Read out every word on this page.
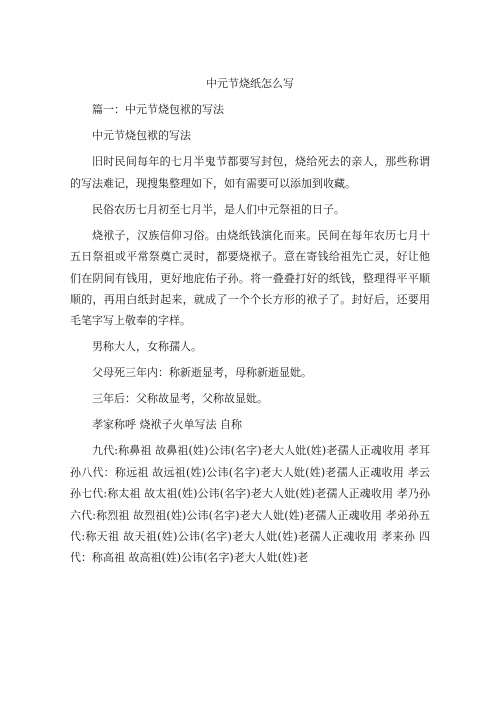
中元节烧纸怎么写

篇一：中元节烧包袱的写法

中元节烧包袱的写法

旧时民间每年的七月半鬼节都要写封包，烧给死去的亲人，那些称谓的写法难记，现搜集整理如下，如有需要可以添加到收藏。

民俗农历七月初至七月半，是人们中元祭祖的日子。

烧袱子，汉族信仰习俗。由烧纸钱演化而来。民间在每年农历七月十五日祭祖或平常祭奠亡灵时，都要烧袱子。意在寄钱给祖先亡灵，好让他们在阴间有钱用，更好地庇佑子孙。将一叠叠打好的纸钱，整理得平平顺顺的，再用白纸封起来，就成了一个个长方形的袱子了。封好后，还要用毛笔字写上敬奉的字样。

男称大人，女称孺人。

父母死三年内：称新逝显考，母称新逝显妣。

三年后：父称故显考，父称故显妣。

孝家称呼 烧袱子火单写法 自称

九代:称鼻祖 故鼻祖(姓)公讳(名字)老大人妣(姓)老孺人正魂收用 孝耳孙八代：称远祖 故远祖(姓)公讳(名字)老大人妣(姓)老孺人正魂收用 孝云孙七代:称太祖 故太祖(姓)公讳(名字)老大人妣(姓)老孺人正魂收用 孝乃孙六代:称烈祖 故烈祖(姓)公讳(名字)老大人妣(姓)老孺人正魂收用 孝弟孙五代:称天祖 故天祖(姓)公讳(名字)老大人妣(姓)老孺人正魂收用 孝来孙 四代：称高祖 故高祖(姓)公讳(名字)老大人妣(姓)老
